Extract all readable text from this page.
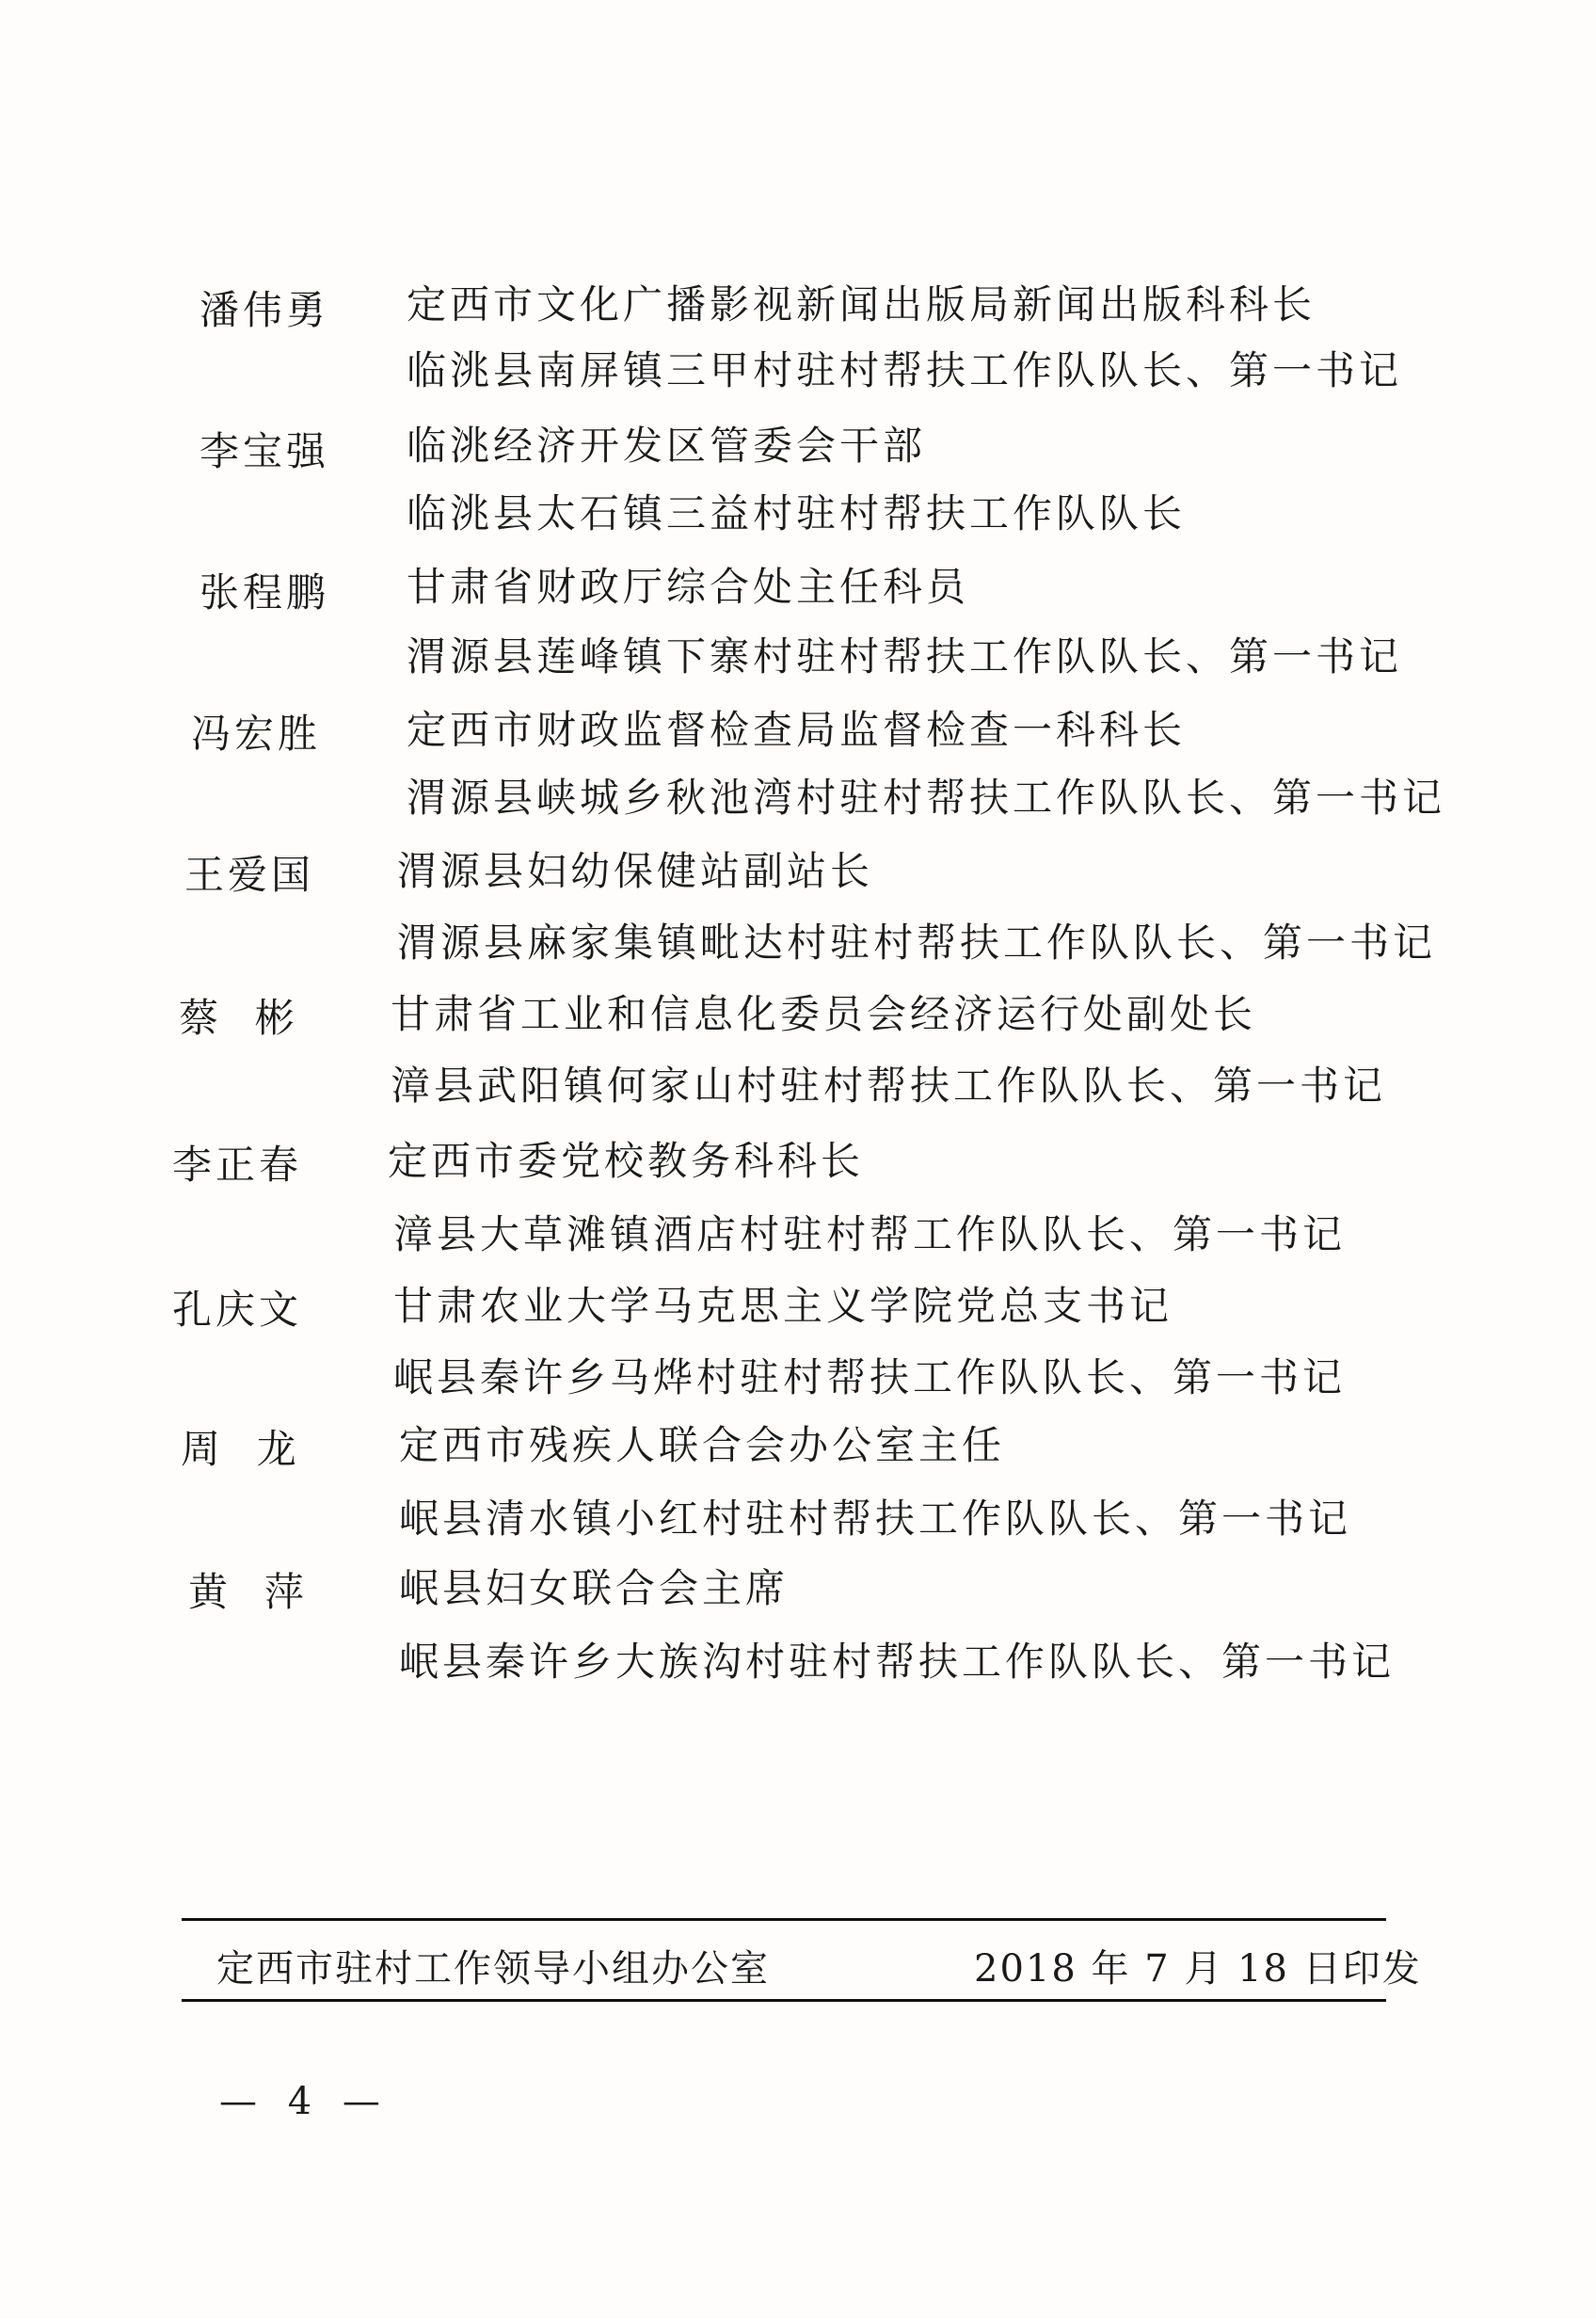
潘伟勇 定西市文化广播影视新闻出版局新闻出版科科长
临洮县南屏镇三甲村驻村帮扶工作队队长、第一书记
李宝强 临洮经济开发区管委会干部
临洮县太石镇三益村驻村帮扶工作队队长
张程鹏 甘肃省财政厅综合处主任科员
渭源县莲峰镇下寨村驻村帮扶工作队队长、第一书记
冯宏胜 定西市财政监督检查局监督检查一科科长
渭源县峡城乡秋池湾村驻村帮扶工作队队长、第一书记
王爱国 渭源县妇幼保健站副站长
渭源县麻家集镇毗达村驻村帮扶工作队队长、第一书记
蔡  彬 甘肃省工业和信息化委员会经济运行处副处长
漳县武阳镇何家山村驻村帮扶工作队队长、第一书记
李正春 定西市委党校教务科科长
漳县大草滩镇酒店村驻村帮工作队队长、第一书记
孔庆文 甘肃农业大学马克思主义学院党总支书记
岷县秦许乡马烨村驻村帮扶工作队队长、第一书记
周  龙	定西市残疾人联合会办公室主任
岷县清水镇小红村驻村帮扶工作队队长、第一书记
黄  萍 岷县妇女联合会主席
岷县秦许乡大族沟村驻村帮扶工作队队长、第一书记
定西市驻村工作领导小组办公室	2018 年 7 月 18 日印发
— 4 —
